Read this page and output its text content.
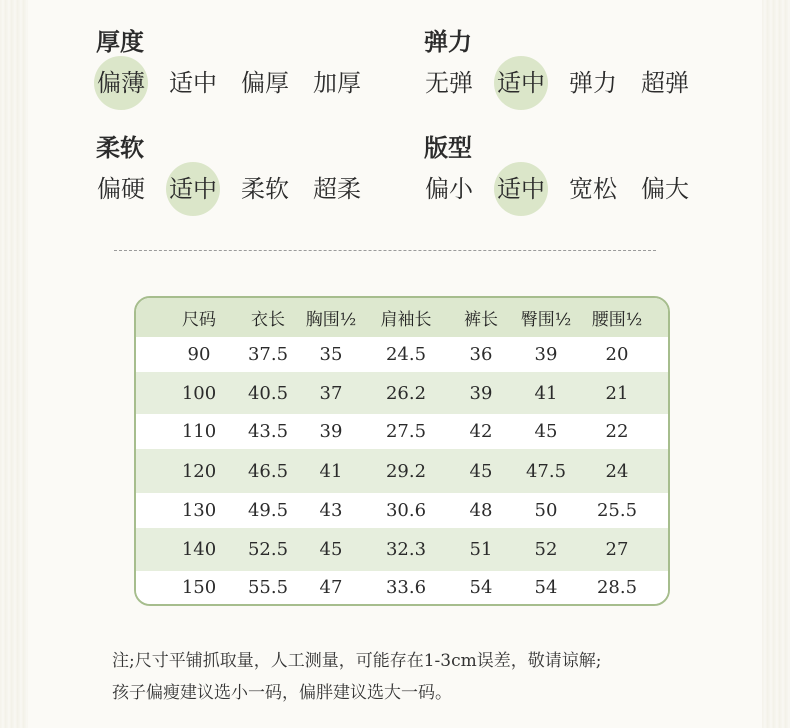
厚度
偏薄 适中 偏厚 加厚
弹力
无弹 适中 弹力 超弹
柔软
偏硬 适中 柔软 超柔
版型
偏小 适中 宽松 偏大
尺码	衣长	胸围½	肩袖长	裤长	臀围½	腰围½
90	37.5	35	24.5	36	39	20
100	40.5	37	26.2	39	41	21
110	43.5	39	27.5	42	45	22
120	46.5	41	29.2	45	47.5	24
130	49.5	43	30.6	48	50	25.5
140	52.5	45	32.3	51	52	27
150	55.5	47	33.6	54	54	28.5
注;尺寸平铺抓取量，人工测量，可能存在1-3cm误差，敬请谅解;
孩子偏瘦建议选小一码，偏胖建议选大一码。
